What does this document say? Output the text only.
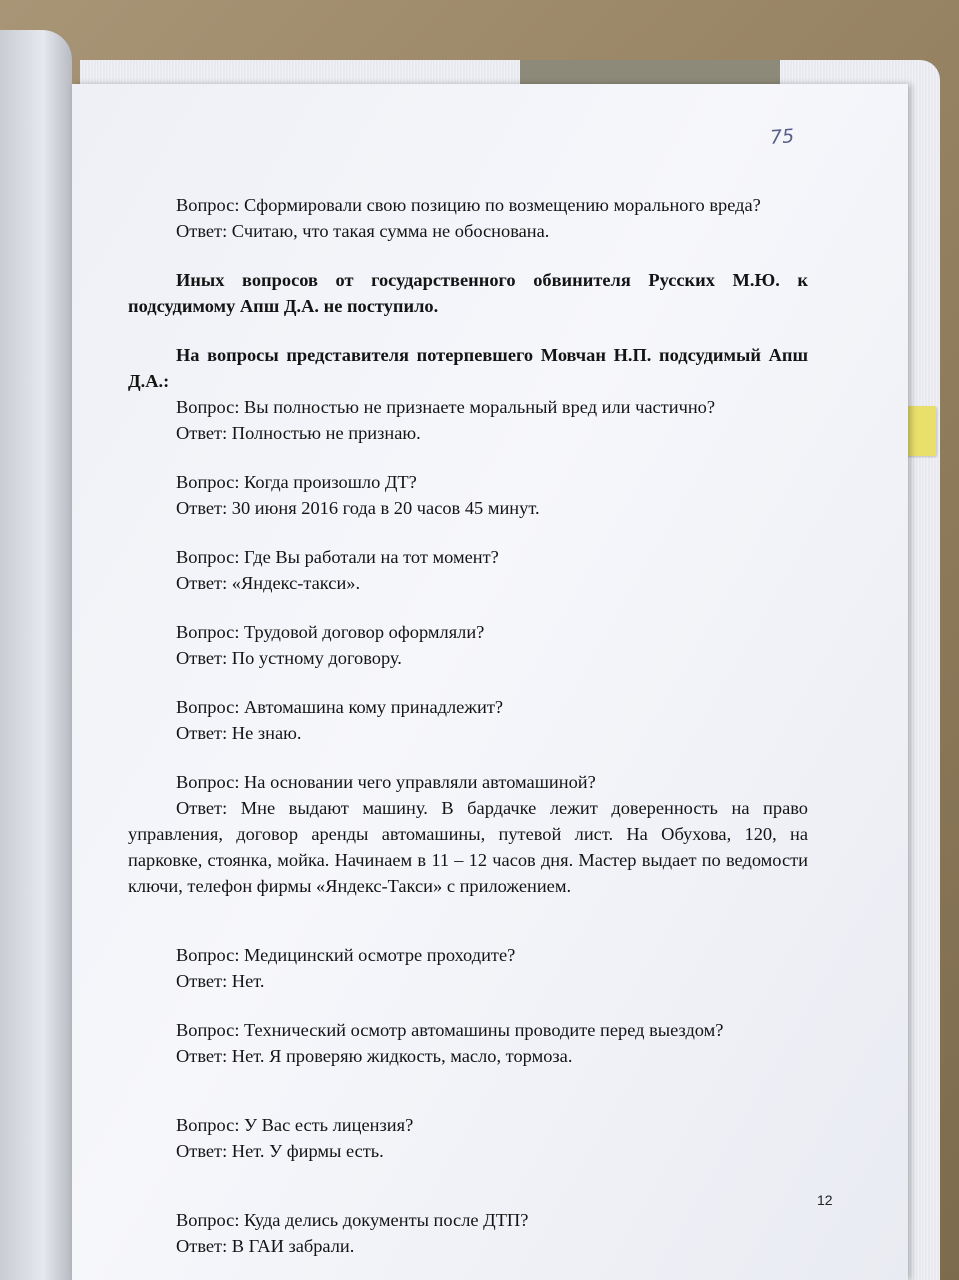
75

Вопрос: Сформировали свою позицию по возмещению морального вреда?

Ответ: Считаю, что такая сумма не обоснована.

Иных вопросов от государственного обвинителя Русских М.Ю. к подсудимому Апш Д.А. не поступило.

На вопросы представителя потерпевшего Мовчан Н.П. подсудимый Апш Д.А.:

Вопрос: Вы полностью не признаете моральный вред или частично?

Ответ: Полностью не признаю.

Вопрос: Когда произошло ДТ?

Ответ: 30 июня 2016 года в 20 часов 45 минут.

Вопрос: Где Вы работали на тот момент?

Ответ: «Яндекс-такси».

Вопрос: Трудовой договор оформляли?

Ответ: По устному договору.

Вопрос: Автомашина кому принадлежит?

Ответ: Не знаю.

Вопрос: На основании чего управляли автомашиной?

Ответ: Мне выдают машину. В бардачке лежит доверенность на право управления, договор аренды автомашины, путевой лист. На Обухова, 120, на парковке, стоянка, мойка. Начинаем в 11 – 12 часов дня. Мастер выдает по ведомости ключи, телефон фирмы «Яндекс-Такси» с приложением.

Вопрос: Медицинский осмотре проходите?

Ответ: Нет.

Вопрос: Технический осмотр автомашины проводите перед выездом?

Ответ: Нет. Я проверяю жидкость, масло, тормоза.

Вопрос: У Вас есть лицензия?

Ответ: Нет. У фирмы есть.

Вопрос: Куда делись документы после ДТП?

Ответ: В ГАИ забрали.

12
